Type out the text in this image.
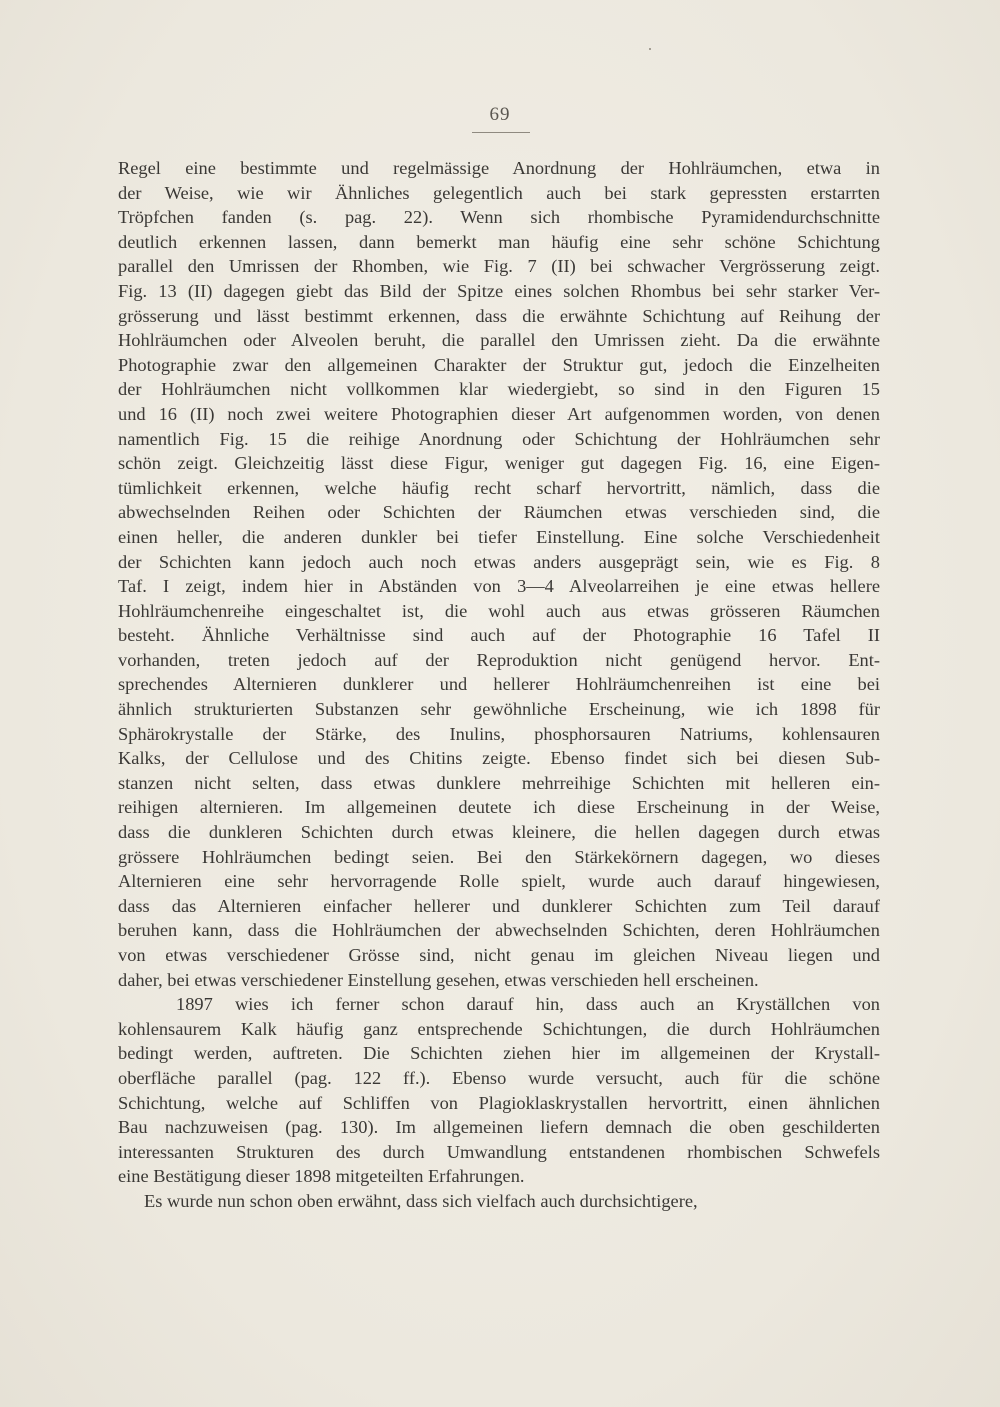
69
Regel eine bestimmte und regelmässige Anordnung der Hohlräumchen, etwa in
der Weise, wie wir Ähnliches gelegentlich auch bei stark gepressten erstarrten
Tröpfchen fanden (s. pag. 22). Wenn sich rhombische Pyramidendurchschnitte
deutlich erkennen lassen, dann bemerkt man häufig eine sehr schöne Schichtung
parallel den Umrissen der Rhomben, wie Fig. 7 (II) bei schwacher Vergrösserung zeigt.
Fig. 13 (II) dagegen giebt das Bild der Spitze eines solchen Rhombus bei sehr starker Ver-
grösserung und lässt bestimmt erkennen, dass die erwähnte Schichtung auf Reihung der
Hohlräumchen oder Alveolen beruht, die parallel den Umrissen zieht. Da die erwähnte
Photographie zwar den allgemeinen Charakter der Struktur gut, jedoch die Einzelheiten
der Hohlräumchen nicht vollkommen klar wiedergiebt, so sind in den Figuren 15
und 16 (II) noch zwei weitere Photographien dieser Art aufgenommen worden, von denen
namentlich Fig. 15 die reihige Anordnung oder Schichtung der Hohlräumchen sehr
schön zeigt. Gleichzeitig lässt diese Figur, weniger gut dagegen Fig. 16, eine Eigen-
tümlichkeit erkennen, welche häufig recht scharf hervortritt, nämlich, dass die
abwechselnden Reihen oder Schichten der Räumchen etwas verschieden sind, die
einen heller, die anderen dunkler bei tiefer Einstellung. Eine solche Verschiedenheit
der Schichten kann jedoch auch noch etwas anders ausgeprägt sein, wie es Fig. 8
Taf. I zeigt, indem hier in Abständen von 3—4 Alveolarreihen je eine etwas hellere
Hohlräumchenreihe eingeschaltet ist, die wohl auch aus etwas grösseren Räumchen
besteht. Ähnliche Verhältnisse sind auch auf der Photographie 16 Tafel II
vorhanden, treten jedoch auf der Reproduktion nicht genügend hervor. Ent-
sprechendes Alternieren dunklerer und hellerer Hohlräumchenreihen ist eine bei
ähnlich strukturierten Substanzen sehr gewöhnliche Erscheinung, wie ich 1898 für
Sphärokrystalle der Stärke, des Inulins, phosphorsauren Natriums, kohlensauren
Kalks, der Cellulose und des Chitins zeigte. Ebenso findet sich bei diesen Sub-
stanzen nicht selten, dass etwas dunklere mehrreihige Schichten mit helleren ein-
reihigen alternieren. Im allgemeinen deutete ich diese Erscheinung in der Weise,
dass die dunkleren Schichten durch etwas kleinere, die hellen dagegen durch etwas
grössere Hohlräumchen bedingt seien. Bei den Stärkekörnern dagegen, wo dieses
Alternieren eine sehr hervorragende Rolle spielt, wurde auch darauf hingewiesen,
dass das Alternieren einfacher hellerer und dunklerer Schichten zum Teil darauf
beruhen kann, dass die Hohlräumchen der abwechselnden Schichten, deren Hohlräumchen
von etwas verschiedener Grösse sind, nicht genau im gleichen Niveau liegen und
daher, bei etwas verschiedener Einstellung gesehen, etwas verschieden hell erscheinen.
1897 wies ich ferner schon darauf hin, dass auch an Kryställchen von
kohlensaurem Kalk häufig ganz entsprechende Schichtungen, die durch Hohlräumchen
bedingt werden, auftreten. Die Schichten ziehen hier im allgemeinen der Krystall-
oberfläche parallel (pag. 122 ff.). Ebenso wurde versucht, auch für die schöne
Schichtung, welche auf Schliffen von Plagioklaskrystallen hervortritt, einen ähnlichen
Bau nachzuweisen (pag. 130). Im allgemeinen liefern demnach die oben geschilderten
interessanten Strukturen des durch Umwandlung entstandenen rhombischen Schwefels
eine Bestätigung dieser 1898 mitgeteilten Erfahrungen.
Es wurde nun schon oben erwähnt, dass sich vielfach auch durchsichtigere,
